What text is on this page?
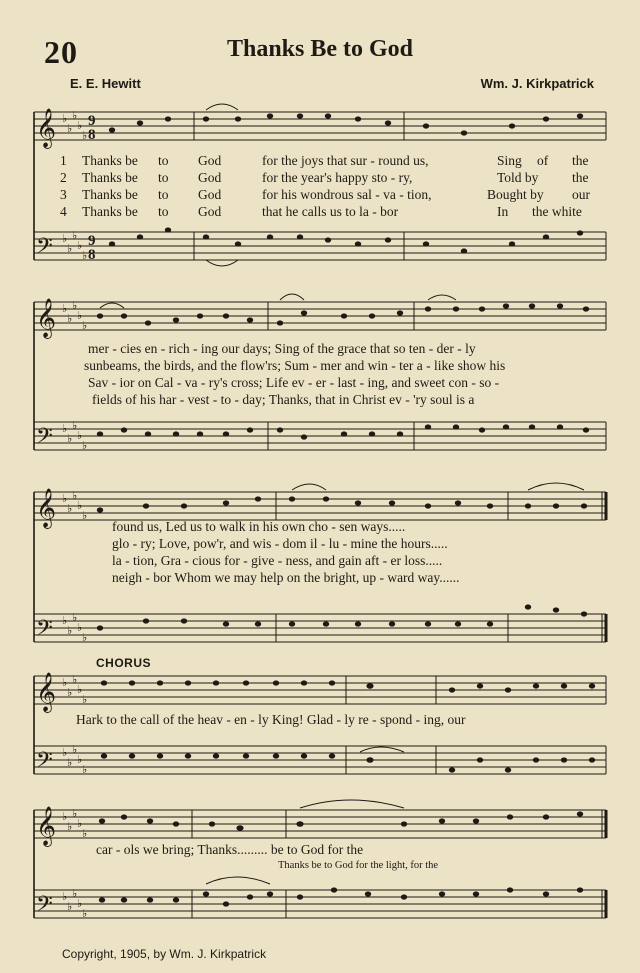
20	Thanks Be to God
E. E. Hewitt	Wm. J. Kirkpatrick
𝄞
𝄢
♭
♭
♭
♭
♭
♭
♭
♭
♭
♭
9
8
9
8
1 Thanks be to God	for the joys that sur - round us,	Sing of the
2 Thanks be to God	for the year's happy sto - ry,	Told by the
3 Thanks be to God	for his wondrous sal - va - tion,	Bought by our
4 Thanks be to God	that he calls us to la - bor	In the white
𝄞
𝄢
♭
♭
♭
♭
♭
♭
♭
♭
♭
♭
mer - cies en - rich - ing our days; Sing of the grace that so ten - der - ly
sunbeams, the birds, and the flow'rs; Sum - mer and win - ter a - like show his
Sav - ior on Cal - va - ry's cross; Life ev - er - last - ing, and sweet con - so -
fields of his har - vest - to - day; Thanks, that in Christ ev - 'ry soul is a
𝄞
𝄢
♭
♭
♭
♭
♭
♭
♭
♭
♭
♭
found us, Led us to walk in his own cho - sen ways.....
glo - ry; Love, pow'r, and wis - dom il - lu - mine the hours.....
la - tion, Gra - cious for - give - ness, and gain aft - er loss.....
neigh - bor Whom we may help on the bright, up - ward way......
CHORUS
𝄞
𝄢
♭
♭
♭
♭
♭
♭
♭
♭
♭
♭
Hark to the call of the heav - en - ly King! Glad - ly re - spond - ing, our
𝄞
𝄢
♭
♭
♭
♭
♭
♭
♭
♭
♭
♭
car - ols we bring; Thanks......... be to God for the
Thanks be to God for the light, for the
Copyright, 1905, by Wm. J. Kirkpatrick
